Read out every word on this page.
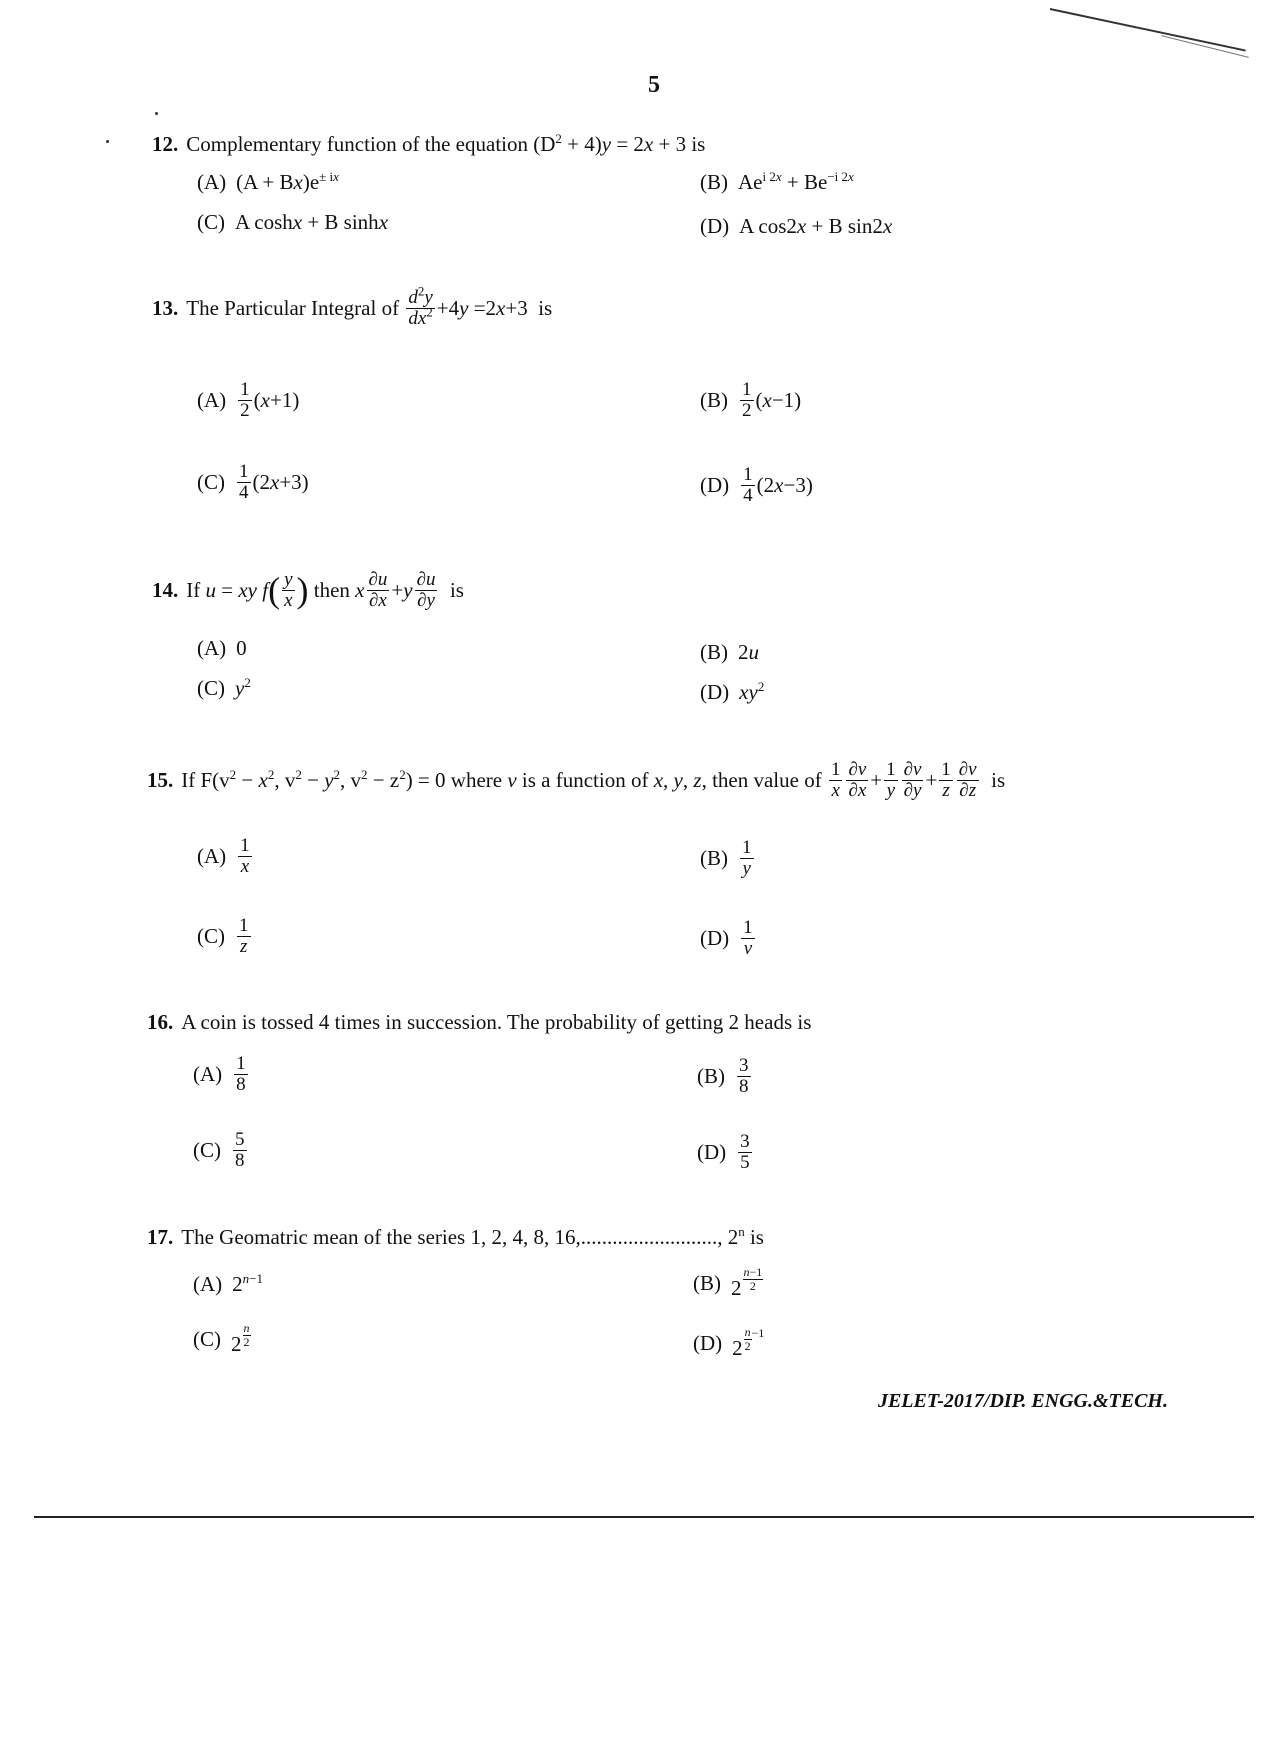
5
12. Complementary function of the equation $(D^2 + 4)y = 2x + 3$ is
(A) $(A + Bx)e^{\pm ix}$	(B) $Ae^{i 2x} + Be^{-i 2x}$
(C) A coshx + B sinhx	(D) A cos2x + B sin2x
13. The Particular Integral of $\frac{d^2y}{dx^2} +4y =2x+3$  is
$(A) \frac{1}{2} (x+1)$	$(B) \frac{1}{2} (x-1)$
$(C) \frac{1}{4} (2x+3)$	$(D) \frac{1}{4} (2x-3)$
14. If u = xy f ( $\frac{y}{x}$ ) then x $\frac{\partial u}{\partial x} +y \frac{\partial u}{\partial y}$ is
(A) 0	(B) 2u
(C) $y^2$	(D) $xy^2$
15. If $F(v^2 - x^2$, $v^2 - y^2$, $v^2 - z^2) = 0$ where v is a function of x, y, z, then value of $\frac{1}{x} \frac{\partial v}{\partial x} + \frac{1}{y} \frac{\partial v}{\partial y} + \frac{1}{z} \frac{\partial v}{\partial z}$ is
$(A) \frac{1}{x}$	$(B) \frac{1}{y}$
$(C) \frac{1}{z}$	$(D) \frac{1}{v}$
16. A coin is tossed 4 times in succession. The probability of getting 2 heads is
$(A) \frac{1}{8}$	$(B) \frac{3}{8}$
$(C) \frac{5}{8}$	$(D) \frac{3}{5}$
17. The Geomatric mean of the series 1, 2, 4, 8, 16,.........................., 2$^n$ is
(A) $2^{n-1}$	(B) $2 \frac{n-1}{2}$
(C) $2 \frac{n}{2}$	(D) $2 \frac{n}{2} -1$
JELET-2017/DIP. ENGG.&TECH.
